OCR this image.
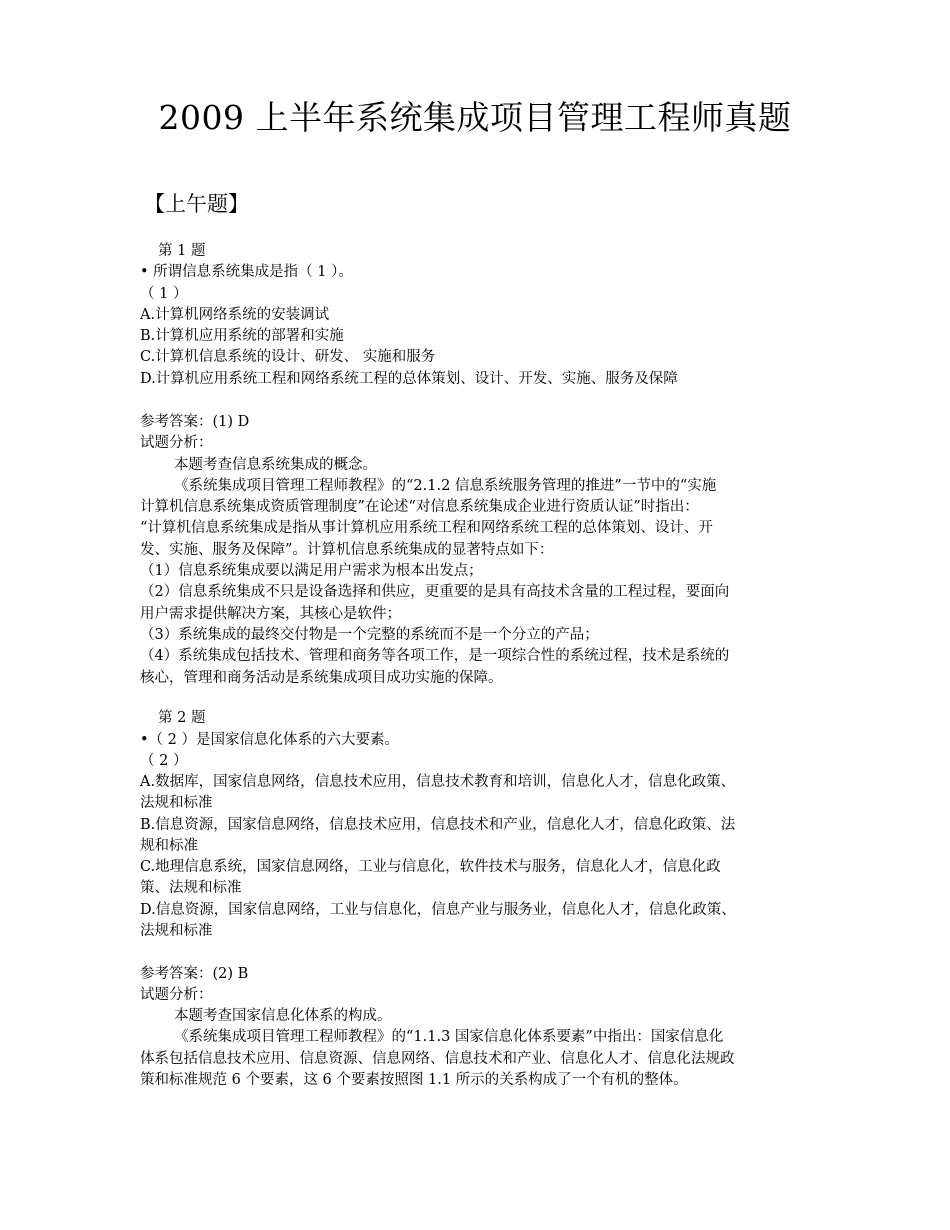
2009 上半年系统集成项目管理工程师真题
【上午题】
第 1 题
• 所谓信息系统集成是指（ 1 ）。
（ 1 ）
A.计算机网络系统的安装调试
B.计算机应用系统的部署和实施
C.计算机信息系统的设计、研发、 实施和服务
D.计算机应用系统工程和网络系统工程的总体策划、设计、开发、实施、服务及保障
参考答案：(1) D
试题分析：
本题考查信息系统集成的概念。
《系统集成项目管理工程师教程》的“2.1.2 信息系统服务管理的推进”一节中的“实施
计算机信息系统集成资质管理制度”在论述“对信息系统集成企业进行资质认证”时指出：
“计算机信息系统集成是指从事计算机应用系统工程和网络系统工程的总体策划、设计、开
发、实施、服务及保障”。计算机信息系统集成的显著特点如下：
（1）信息系统集成要以满足用户需求为根本出发点；
（2）信息系统集成不只是设备选择和供应，更重要的是具有高技术含量的工程过程，要面向
用户需求提供解决方案，其核心是软件；
（3）系统集成的最终交付物是一个完整的系统而不是一个分立的产品；
（4）系统集成包括技术、管理和商务等各项工作，是一项综合性的系统过程，技术是系统的
核心，管理和商务活动是系统集成项目成功实施的保障。
第 2 题
•（ 2 ）是国家信息化体系的六大要素。
（ 2 ）
A.数据库，国家信息网络，信息技术应用，信息技术教育和培训，信息化人才，信息化政策、
法规和标准
B.信息资源，国家信息网络，信息技术应用，信息技术和产业，信息化人才，信息化政策、法
规和标准
C.地理信息系统，国家信息网络，工业与信息化，软件技术与服务，信息化人才，信息化政
策、法规和标准
D.信息资源，国家信息网络，工业与信息化，信息产业与服务业，信息化人才，信息化政策、
法规和标准
参考答案：(2) B
试题分析：
本题考查国家信息化体系的构成。
《系统集成项目管理工程师教程》的“1.1.3 国家信息化体系要素”中指出：国家信息化
体系包括信息技术应用、信息资源、信息网络、信息技术和产业、信息化人才、信息化法规政
策和标准规范 6 个要素，这 6 个要素按照图 1.1 所示的关系构成了一个有机的整体。
